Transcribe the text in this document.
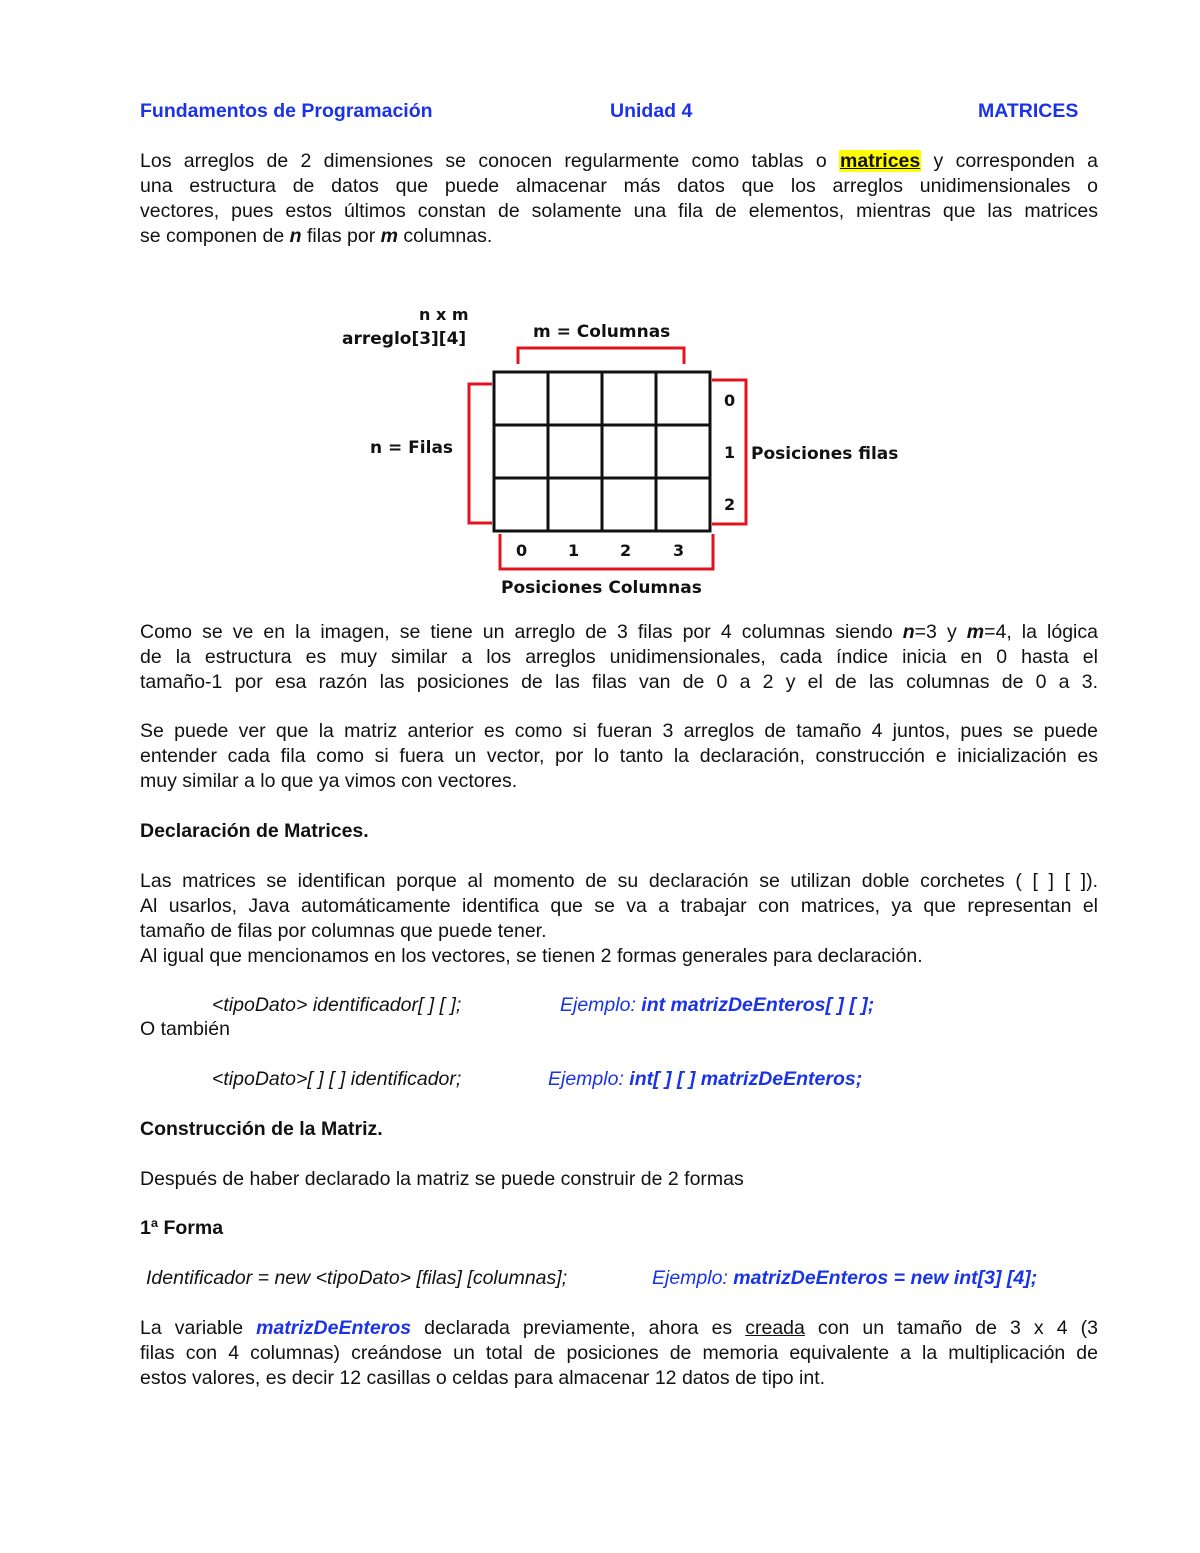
Fundamentos de Programación	Unidad 4	MATRICES
Los arreglos de 2 dimensiones se conocen regularmente como tablas o matrices y corresponden a
una estructura de datos que puede almacenar más datos que los arreglos unidimensionales o
vectores, pues estos últimos constan de solamente una fila de elementos, mientras que las matrices
se componen de n filas por m columnas.
n x m
arreglo[3][4]	m = Columnas
n = Filas
0
1
2
Posiciones filas
0	1	2	3
Posiciones Columnas
Como se ve en la imagen, se tiene un arreglo de 3 filas por 4 columnas siendo n=3 y m=4, la lógica
de la estructura es muy similar a los arreglos unidimensionales, cada índice inicia en 0 hasta el
tamaño-1 por esa razón las posiciones de las filas van de 0 a 2 y el de las columnas de 0 a 3.
Se puede ver que la matriz anterior es como si fueran 3 arreglos de tamaño 4 juntos, pues se puede
entender cada fila como si fuera un vector, por lo tanto la declaración, construcción e inicialización es
muy similar a lo que ya vimos con vectores.
Declaración de Matrices.
Las matrices se identifican porque al momento de su declaración se utilizan doble corchetes ( [ ] [ ]).
Al usarlos, Java automáticamente identifica que se va a trabajar con matrices, ya que representan el
tamaño de filas por columnas que puede tener.
Al igual que mencionamos en los vectores, se tienen 2 formas generales para declaración.
<tipoDato> identificador[ ] [ ];	Ejemplo: int matrizDeEnteros[ ] [ ];
O también
<tipoDato>[ ] [ ] identificador;	Ejemplo: int[ ] [ ] matrizDeEnteros;
Construcción de la Matriz.
Después de haber declarado la matriz se puede construir de 2 formas
1ª Forma
Identificador = new <tipoDato> [filas] [columnas];	Ejemplo: matrizDeEnteros = new int[3] [4];
La variable matrizDeEnteros declarada previamente, ahora es creada con un tamaño de 3 x 4 (3
filas con 4 columnas) creándose un total de posiciones de memoria equivalente a la multiplicación de
estos valores, es decir 12 casillas o celdas para almacenar 12 datos de tipo int.
